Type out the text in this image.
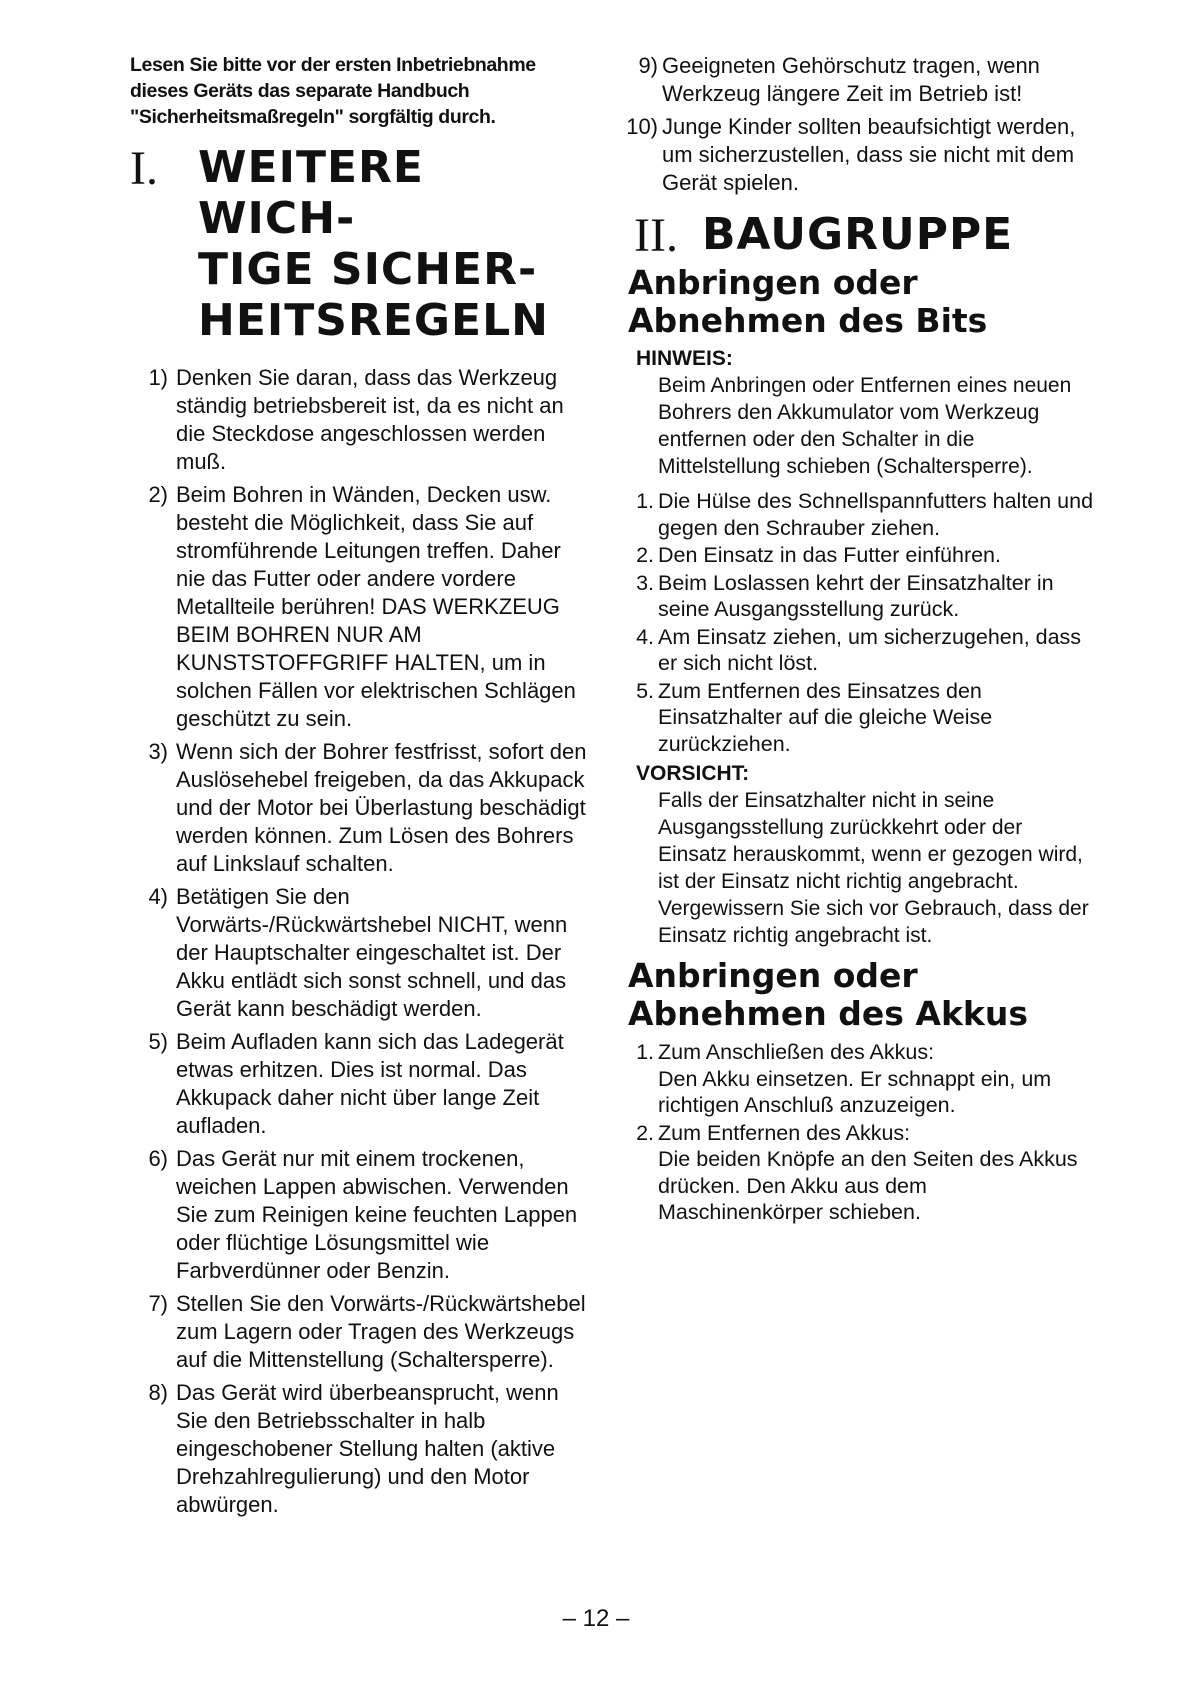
Lesen Sie bitte vor der ersten Inbetriebnahme dieses Geräts das separate Handbuch "Sicherheitsmaßregeln" sorgfältig durch.

I. WEITERE WICH-
TIGE SICHER-
HEITSREGELN
1) Denken Sie daran, dass das Werkzeug ständig betriebsbereit ist, da es nicht an die Steckdose angeschlossen werden muß.
2) Beim Bohren in Wänden, Decken usw. besteht die Möglichkeit, dass Sie auf stromführende Leitungen treffen. Daher nie das Futter oder andere vordere Metallteile berühren! DAS WERKZEUG BEIM BOHREN NUR AM KUNSTSTOFFGRIFF HALTEN, um in solchen Fällen vor elektrischen Schlägen geschützt zu sein.
3) Wenn sich der Bohrer festfrisst, sofort den Auslösehebel freigeben, da das Akkupack und der Motor bei Überlastung beschädigt werden können. Zum Lösen des Bohrers auf Linkslauf schalten.
4) Betätigen Sie den Vorwärts-/Rückwärtshebel NICHT, wenn der Hauptschalter eingeschaltet ist. Der Akku entlädt sich sonst schnell, und das Gerät kann beschädigt werden.
5) Beim Aufladen kann sich das Ladegerät etwas erhitzen. Dies ist normal. Das Akkupack daher nicht über lange Zeit aufladen.
6) Das Gerät nur mit einem trockenen, weichen Lappen abwischen. Verwenden Sie zum Reinigen keine feuchten Lappen oder flüchtige Lösungsmittel wie Farbverdünner oder Benzin.
7) Stellen Sie den Vorwärts-/Rückwärtshebel zum Lagern oder Tragen des Werkzeugs auf die Mittenstellung (Schaltersperre).
8) Das Gerät wird überbeansprucht, wenn Sie den Betriebsschalter in halb eingeschobener Stellung halten (aktive Drehzahlregulierung) und den Motor abwürgen.
9) Geeigneten Gehörschutz tragen, wenn Werkzeug längere Zeit im Betrieb ist!
10) Junge Kinder sollten beaufsichtigt werden, um sicherzustellen, dass sie nicht mit dem Gerät spielen.
II. BAUGRUPPE
Anbringen oder Abnehmen des Bits
HINWEIS:
Beim Anbringen oder Entfernen eines neuen Bohrers den Akkumulator vom Werkzeug entfernen oder den Schalter in die Mittelstellung schieben (Schaltersperre).
1. Die Hülse des Schnellspannfutters halten und gegen den Schrauber ziehen.
2. Den Einsatz in das Futter einführen.
3. Beim Loslassen kehrt der Einsatzhalter in seine Ausgangsstellung zurück.
4. Am Einsatz ziehen, um sicherzugehen, dass er sich nicht löst.
5. Zum Entfernen des Einsatzes den Einsatzhalter auf die gleiche Weise zurückziehen.
VORSICHT:
Falls der Einsatzhalter nicht in seine Ausgangsstellung zurückkehrt oder der Einsatz herauskommt, wenn er gezogen wird, ist der Einsatz nicht richtig angebracht. Vergewissern Sie sich vor Gebrauch, dass der Einsatz richtig angebracht ist.
Anbringen oder Abnehmen des Akkus
1. Zum Anschließen des Akkus:
Den Akku einsetzen. Er schnappt ein, um richtigen Anschluß anzuzeigen.
2. Zum Entfernen des Akkus:
Die beiden Knöpfe an den Seiten des Akkus drücken. Den Akku aus dem Maschinenkörper schieben.
– 12 –
